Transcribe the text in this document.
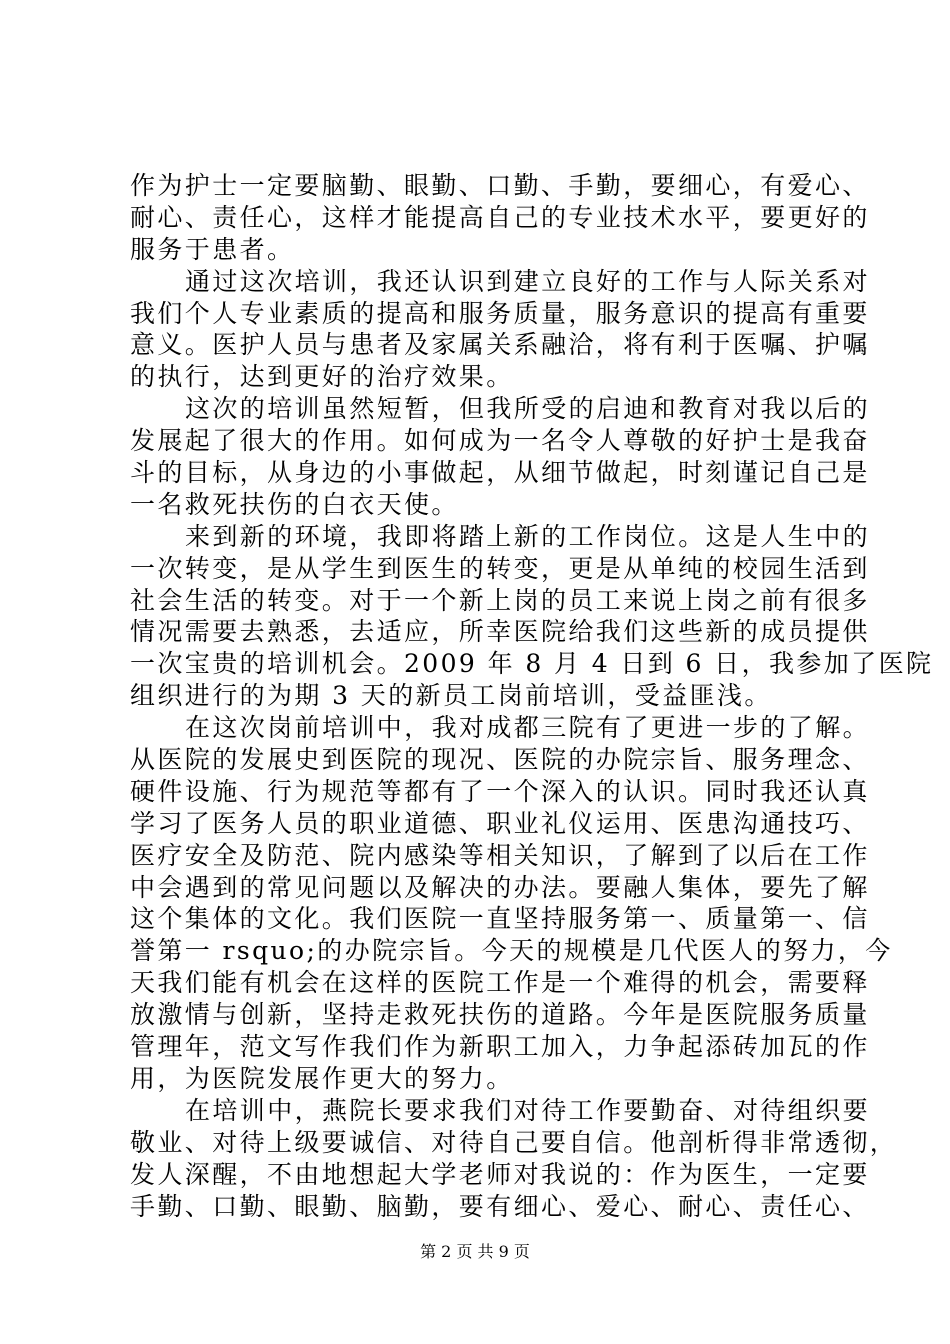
作为护士一定要脑勤、眼勤、口勤、手勤，要细心，有爱心、
耐心、责任心，这样才能提高自己的专业技术水平，要更好的
服务于患者。
通过这次培训，我还认识到建立良好的工作与人际关系对
我们个人专业素质的提高和服务质量，服务意识的提高有重要
意义。医护人员与患者及家属关系融洽，将有利于医嘱、护嘱
的执行，达到更好的治疗效果。
这次的培训虽然短暂，但我所受的启迪和教育对我以后的
发展起了很大的作用。如何成为一名令人尊敬的好护士是我奋
斗的目标，从身边的小事做起，从细节做起，时刻谨记自己是
一名救死扶伤的白衣天使。
来到新的环境，我即将踏上新的工作岗位。这是人生中的
一次转变，是从学生到医生的转变，更是从单纯的校园生活到
社会生活的转变。对于一个新上岗的员工来说上岗之前有很多
情况需要去熟悉，去适应，所幸医院给我们这些新的成员提供
一次宝贵的培训机会。2009 年 8 月 4 日到 6 日，我参加了医院
组织进行的为期 3 天的新员工岗前培训，受益匪浅。
在这次岗前培训中，我对成都三院有了更进一步的了解。
从医院的发展史到医院的现况、医院的办院宗旨、服务理念、
硬件设施、行为规范等都有了一个深入的认识。同时我还认真
学习了医务人员的职业道德、职业礼仪运用、医患沟通技巧、
医疗安全及防范、院内感染等相关知识，了解到了以后在工作
中会遇到的常见问题以及解决的办法。要融人集体，要先了解
这个集体的文化。我们医院一直坚持服务第一、质量第一、信
誉第一 rsquo;的办院宗旨。今天的规模是几代医人的努力，今
天我们能有机会在这样的医院工作是一个难得的机会，需要释
放激情与创新，坚持走救死扶伤的道路。今年是医院服务质量
管理年，范文写作我们作为新职工加入，力争起添砖加瓦的作
用，为医院发展作更大的努力。
在培训中，燕院长要求我们对待工作要勤奋、对待组织要
敬业、对待上级要诚信、对待自己要自信。他剖析得非常透彻，
发人深醒，不由地想起大学老师对我说的：作为医生，一定要
手勤、口勤、眼勤、脑勤，要有细心、爱心、耐心、责任心、
第 2 页 共 9 页
